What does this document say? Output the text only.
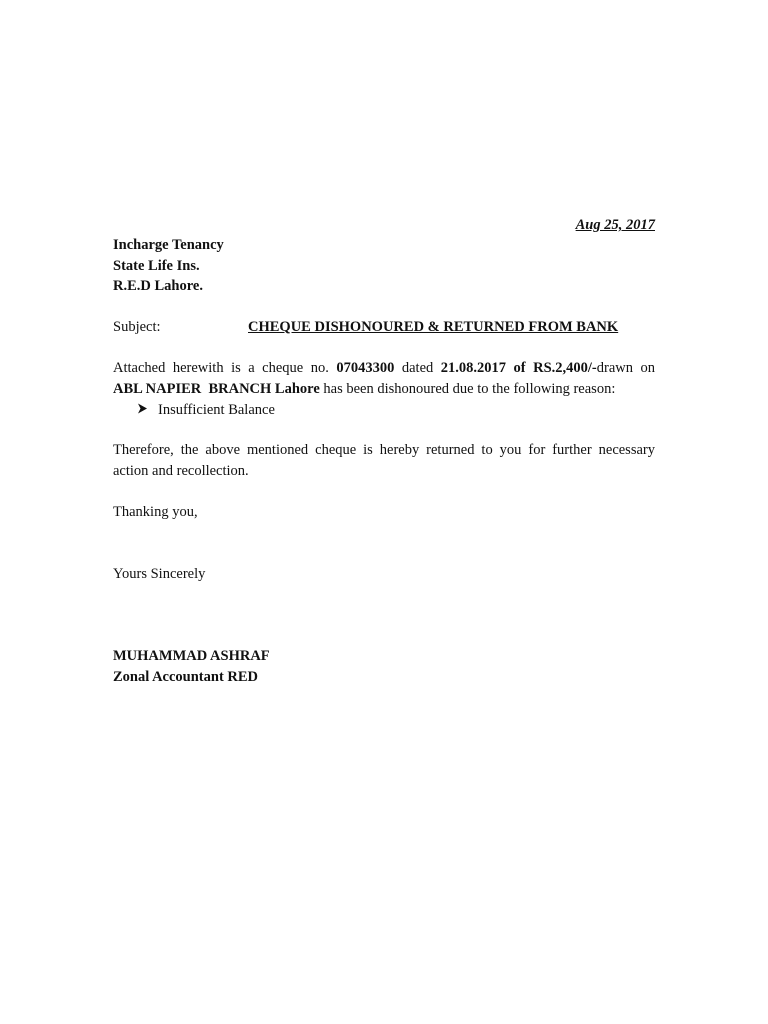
Aug 25, 2017
Incharge Tenancy
State Life Ins.
R.E.D Lahore.
Subject:	CHEQUE DISHONOURED & RETURNED FROM BANK
Attached herewith is a cheque no. 07043300 dated 21.08.2017 of RS.2,400/-drawn on
ABL NAPIER  BRANCH Lahore has been dishonoured due to the following reason:
Insufficient Balance
Therefore, the above mentioned cheque is hereby returned to you for further necessary
action and recollection.
Thanking you,
Yours Sincerely
MUHAMMAD ASHRAF
Zonal Accountant RED
